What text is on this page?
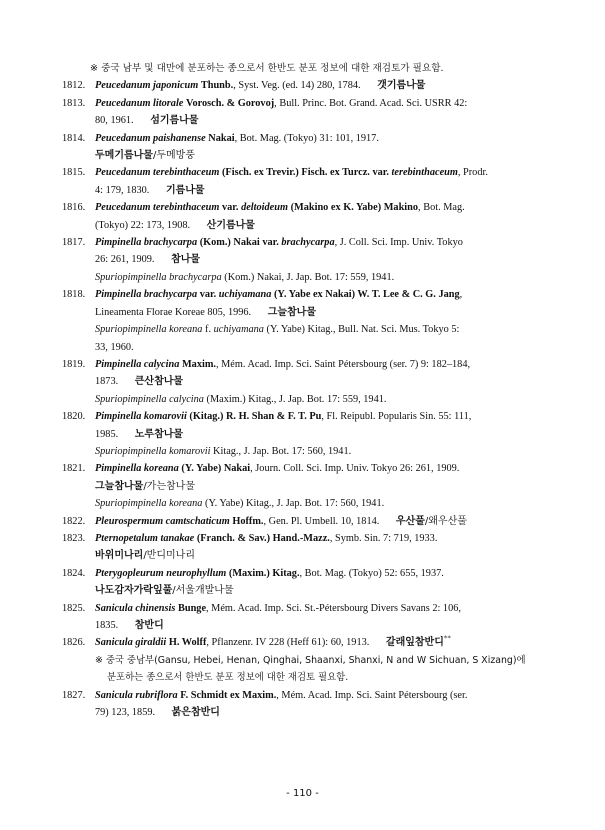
※ 중국 남부 및 대만에 분포하는 종으로서 한반도 분포 정보에 대한 재검토가 필요함.
1812. Peucedanum japonicum Thunb., Syst. Veg. (ed. 14) 280, 1784. 갯기름나물
1813. Peucedanum litorale Vorosch. & Gorovoj, Bull. Princ. Bot. Grand. Acad. Sci. USRR 42:
80, 1961. 섬기름나물
1814. Peucedanum paishanense Nakai, Bot. Mag. (Tokyo) 31: 101, 1917.
두메기름나물/두메방풍
1815. Peucedanum terebinthaceum (Fisch. ex Trevir.) Fisch. ex Turcz. var. terebinthaceum, Prodr.
4: 179, 1830. 기름나물
1816. Peucedanum terebinthaceum var. deltoideum (Makino ex K. Yabe) Makino, Bot. Mag.
(Tokyo) 22: 173, 1908. 산기름나물
1817. Pimpinella brachycarpa (Kom.) Nakai var. brachycarpa, J. Coll. Sci. Imp. Univ. Tokyo
26: 261, 1909. 참나물
Spuriopimpinella brachycarpa (Kom.) Nakai, J. Jap. Bot. 17: 559, 1941.
1818. Pimpinella brachycarpa var. uchiyamana (Y. Yabe ex Nakai) W. T. Lee & C. G. Jang,
Lineamenta Florae Koreae 805, 1996. 그늘참나물
Spuriopimpinella koreana f. uchiyamana (Y. Yabe) Kitag., Bull. Nat. Sci. Mus. Tokyo 5:
33, 1960.
1819. Pimpinella calycina Maxim., Mém. Acad. Imp. Sci. Saint Pétersbourg (ser. 7) 9: 182–184,
1873. 큰산참나물
Spuriopimpinella calycina (Maxim.) Kitag., J. Jap. Bot. 17: 559, 1941.
1820. Pimpinella komarovii (Kitag.) R. H. Shan & F. T. Pu, Fl. Reipubl. Popularis Sin. 55: 111,
1985. 노루참나물
Spuriopimpinella komarovii Kitag., J. Jap. Bot. 17: 560, 1941.
1821. Pimpinella koreana (Y. Yabe) Nakai, Journ. Coll. Sci. Imp. Univ. Tokyo 26: 261, 1909.
그늘참나물/가는참나물
Spuriopimpinella koreana (Y. Yabe) Kitag., J. Jap. Bot. 17: 560, 1941.
1822. Pleurospermum camtschaticum Hoffm., Gen. Pl. Umbell. 10, 1814. 우산풀/왜우산풀
1823. Pternopetalum tanakae (Franch. & Sav.) Hand.-Mazz., Symb. Sin. 7: 719, 1933.
바위미나리/반디미나리
1824. Pterygopleurum neurophyllum (Maxim.) Kitag., Bot. Mag. (Tokyo) 52: 655, 1937.
나도감자가락잎풀/서울개발나물
1825. Sanicula chinensis Bunge, Mém. Acad. Imp. Sci. St.-Pétersbourg Divers Savans 2: 106,
1835. 참반디
1826. Sanicula giraldii H. Wolff, Pflanzenr. IV 228 (Heff 61): 60, 1913. 갈래잎참반디**
※ 중국 중남부(Gansu, Hebei, Henan, Qinghai, Shaanxi, Shanxi, N and W Sichuan, S Xizang)에
분포하는 종으로서 한반도 분포 정보에 대한 재검토 필요함.
1827. Sanicula rubriflora F. Schmidt ex Maxim., Mém. Acad. Imp. Sci. Saint Pétersbourg (ser.
79) 123, 1859. 붉은참반디
- 110 -
